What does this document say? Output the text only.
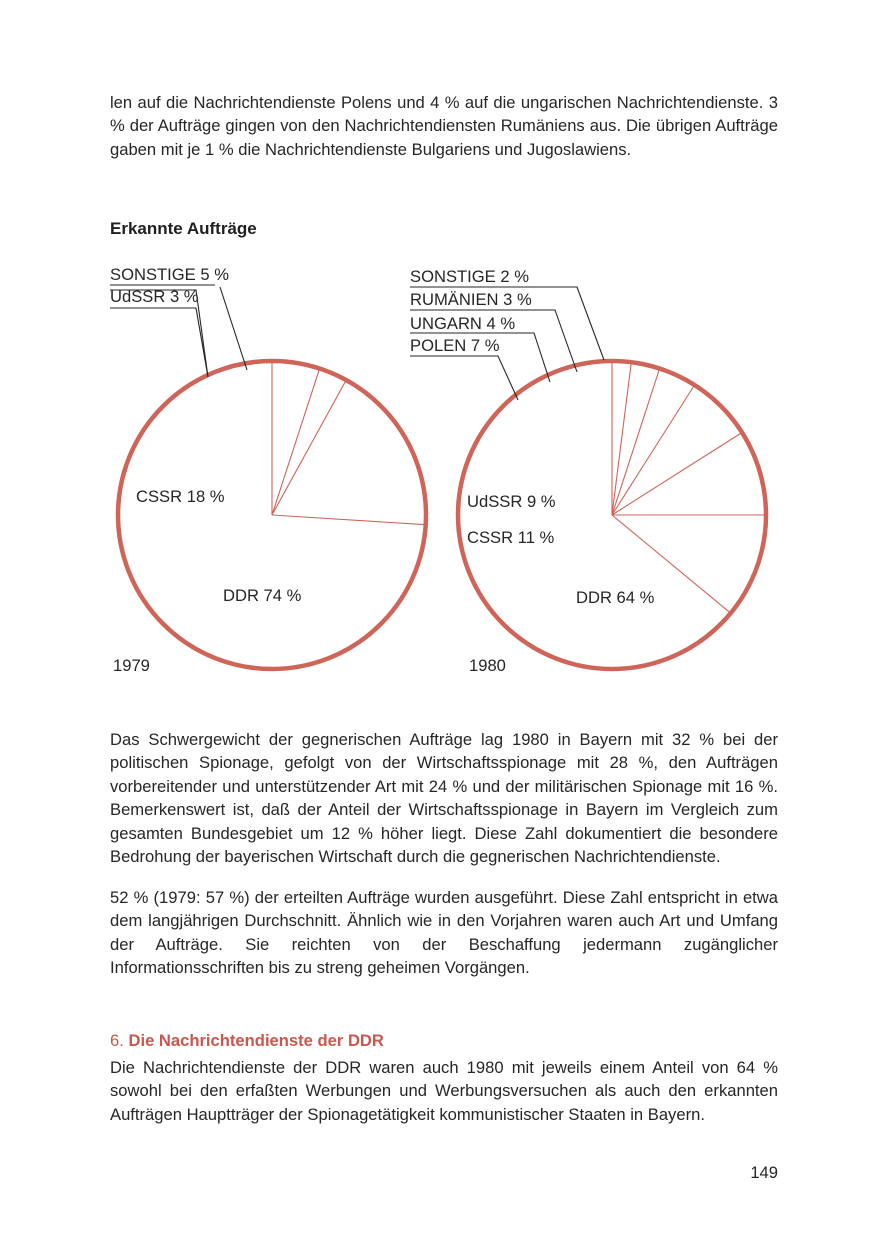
len auf die Nachrichtendienste Polens und 4 % auf die ungarischen Nachrichtendienste. 3 % der Aufträge gingen von den Nachrichtendiensten Rumäniens aus. Die übrigen Aufträge gaben mit je 1 % die Nachrichtendienste Bulgariens und Jugoslawiens.

Erkannte Aufträge
SONSTIGE 5 %
UdSSR 3 %
CSSR 18 %
DDR 74 %
1979
SONSTIGE 2 %
RUMÄNIEN 3 %
UNGARN 4 %
POLEN 7 %
UdSSR 9 %
CSSR 11 %
DDR 64 %
1980

Das Schwergewicht der gegnerischen Aufträge lag 1980 in Bayern mit 32 % bei der politischen Spionage, gefolgt von der Wirtschaftsspionage mit 28 %, den Aufträgen vorbereitender und unterstützender Art mit 24 % und der militärischen Spionage mit 16 %. Bemerkenswert ist, daß der Anteil der Wirtschaftsspionage in Bayern im Vergleich zum gesamten Bundesgebiet um 12 % höher liegt. Diese Zahl dokumentiert die besondere Bedrohung der bayerischen Wirtschaft durch die gegnerischen Nachrichtendienste.

52 % (1979: 57 %) der erteilten Aufträge wurden ausgeführt. Diese Zahl entspricht in etwa dem langjährigen Durchschnitt. Ähnlich wie in den Vorjahren waren auch Art und Umfang der Aufträge. Sie reichten von der Beschaffung jedermann zugänglicher Informationsschriften bis zu streng geheimen Vorgängen.

6. Die Nachrichtendienste der DDR

Die Nachrichtendienste der DDR waren auch 1980 mit jeweils einem Anteil von 64 % sowohl bei den erfaßten Werbungen und Werbungsversuchen als auch den erkannten Aufträgen Hauptträger der Spionagetätigkeit kommunistischer Staaten in Bayern.

149
